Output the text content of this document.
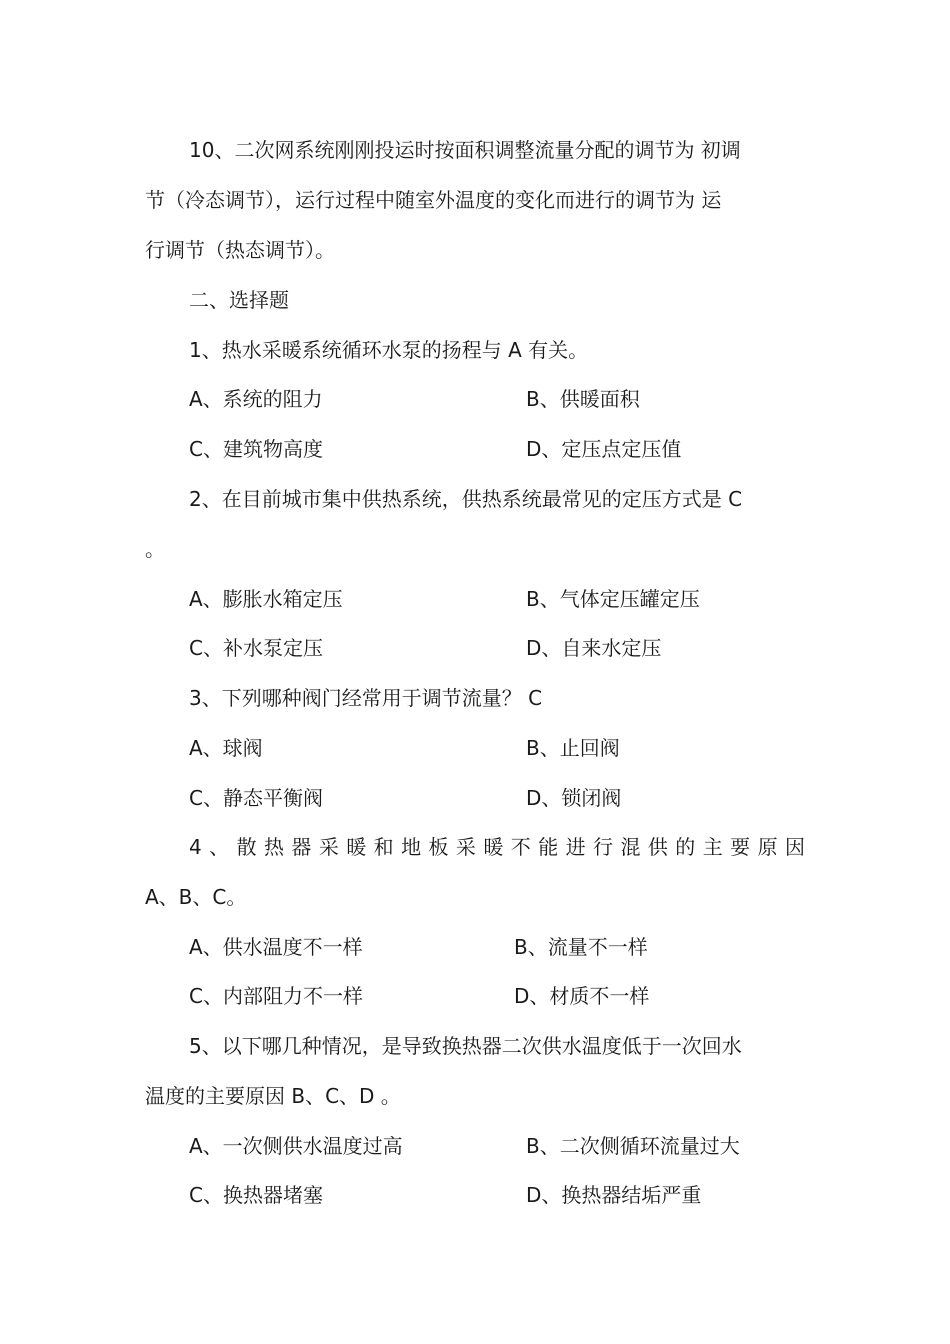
10、二次网系统刚刚投运时按面积调整流量分配的调节为 初调
节（冷态调节），运行过程中随室外温度的变化而进行的调节为 运
行调节（热态调节）。
二、选择题
1、热水采暖系统循环水泵的扬程与 A 有关。
A、系统的阻力	B、供暖面积
C、建筑物高度	D、定压点定压值
2、在目前城市集中供热系统，供热系统最常见的定压方式是 C
。
A、膨胀水箱定压	B、气体定压罐定压
C、补水泵定压	D、自来水定压
3、下列哪种阀门经常用于调节流量？ C
A、球阀	B、止回阀
C、静态平衡阀	D、锁闭阀
4、散热器采暖和地板采暖不能进行混供的主要原因
A、B、C。
A、供水温度不一样	B、流量不一样
C、内部阻力不一样	D、材质不一样
5、以下哪几种情况，是导致换热器二次供水温度低于一次回水
温度的主要原因 B、C、D 。
A、一次侧供水温度过高	B、二次侧循环流量过大
C、换热器堵塞	D、换热器结垢严重
